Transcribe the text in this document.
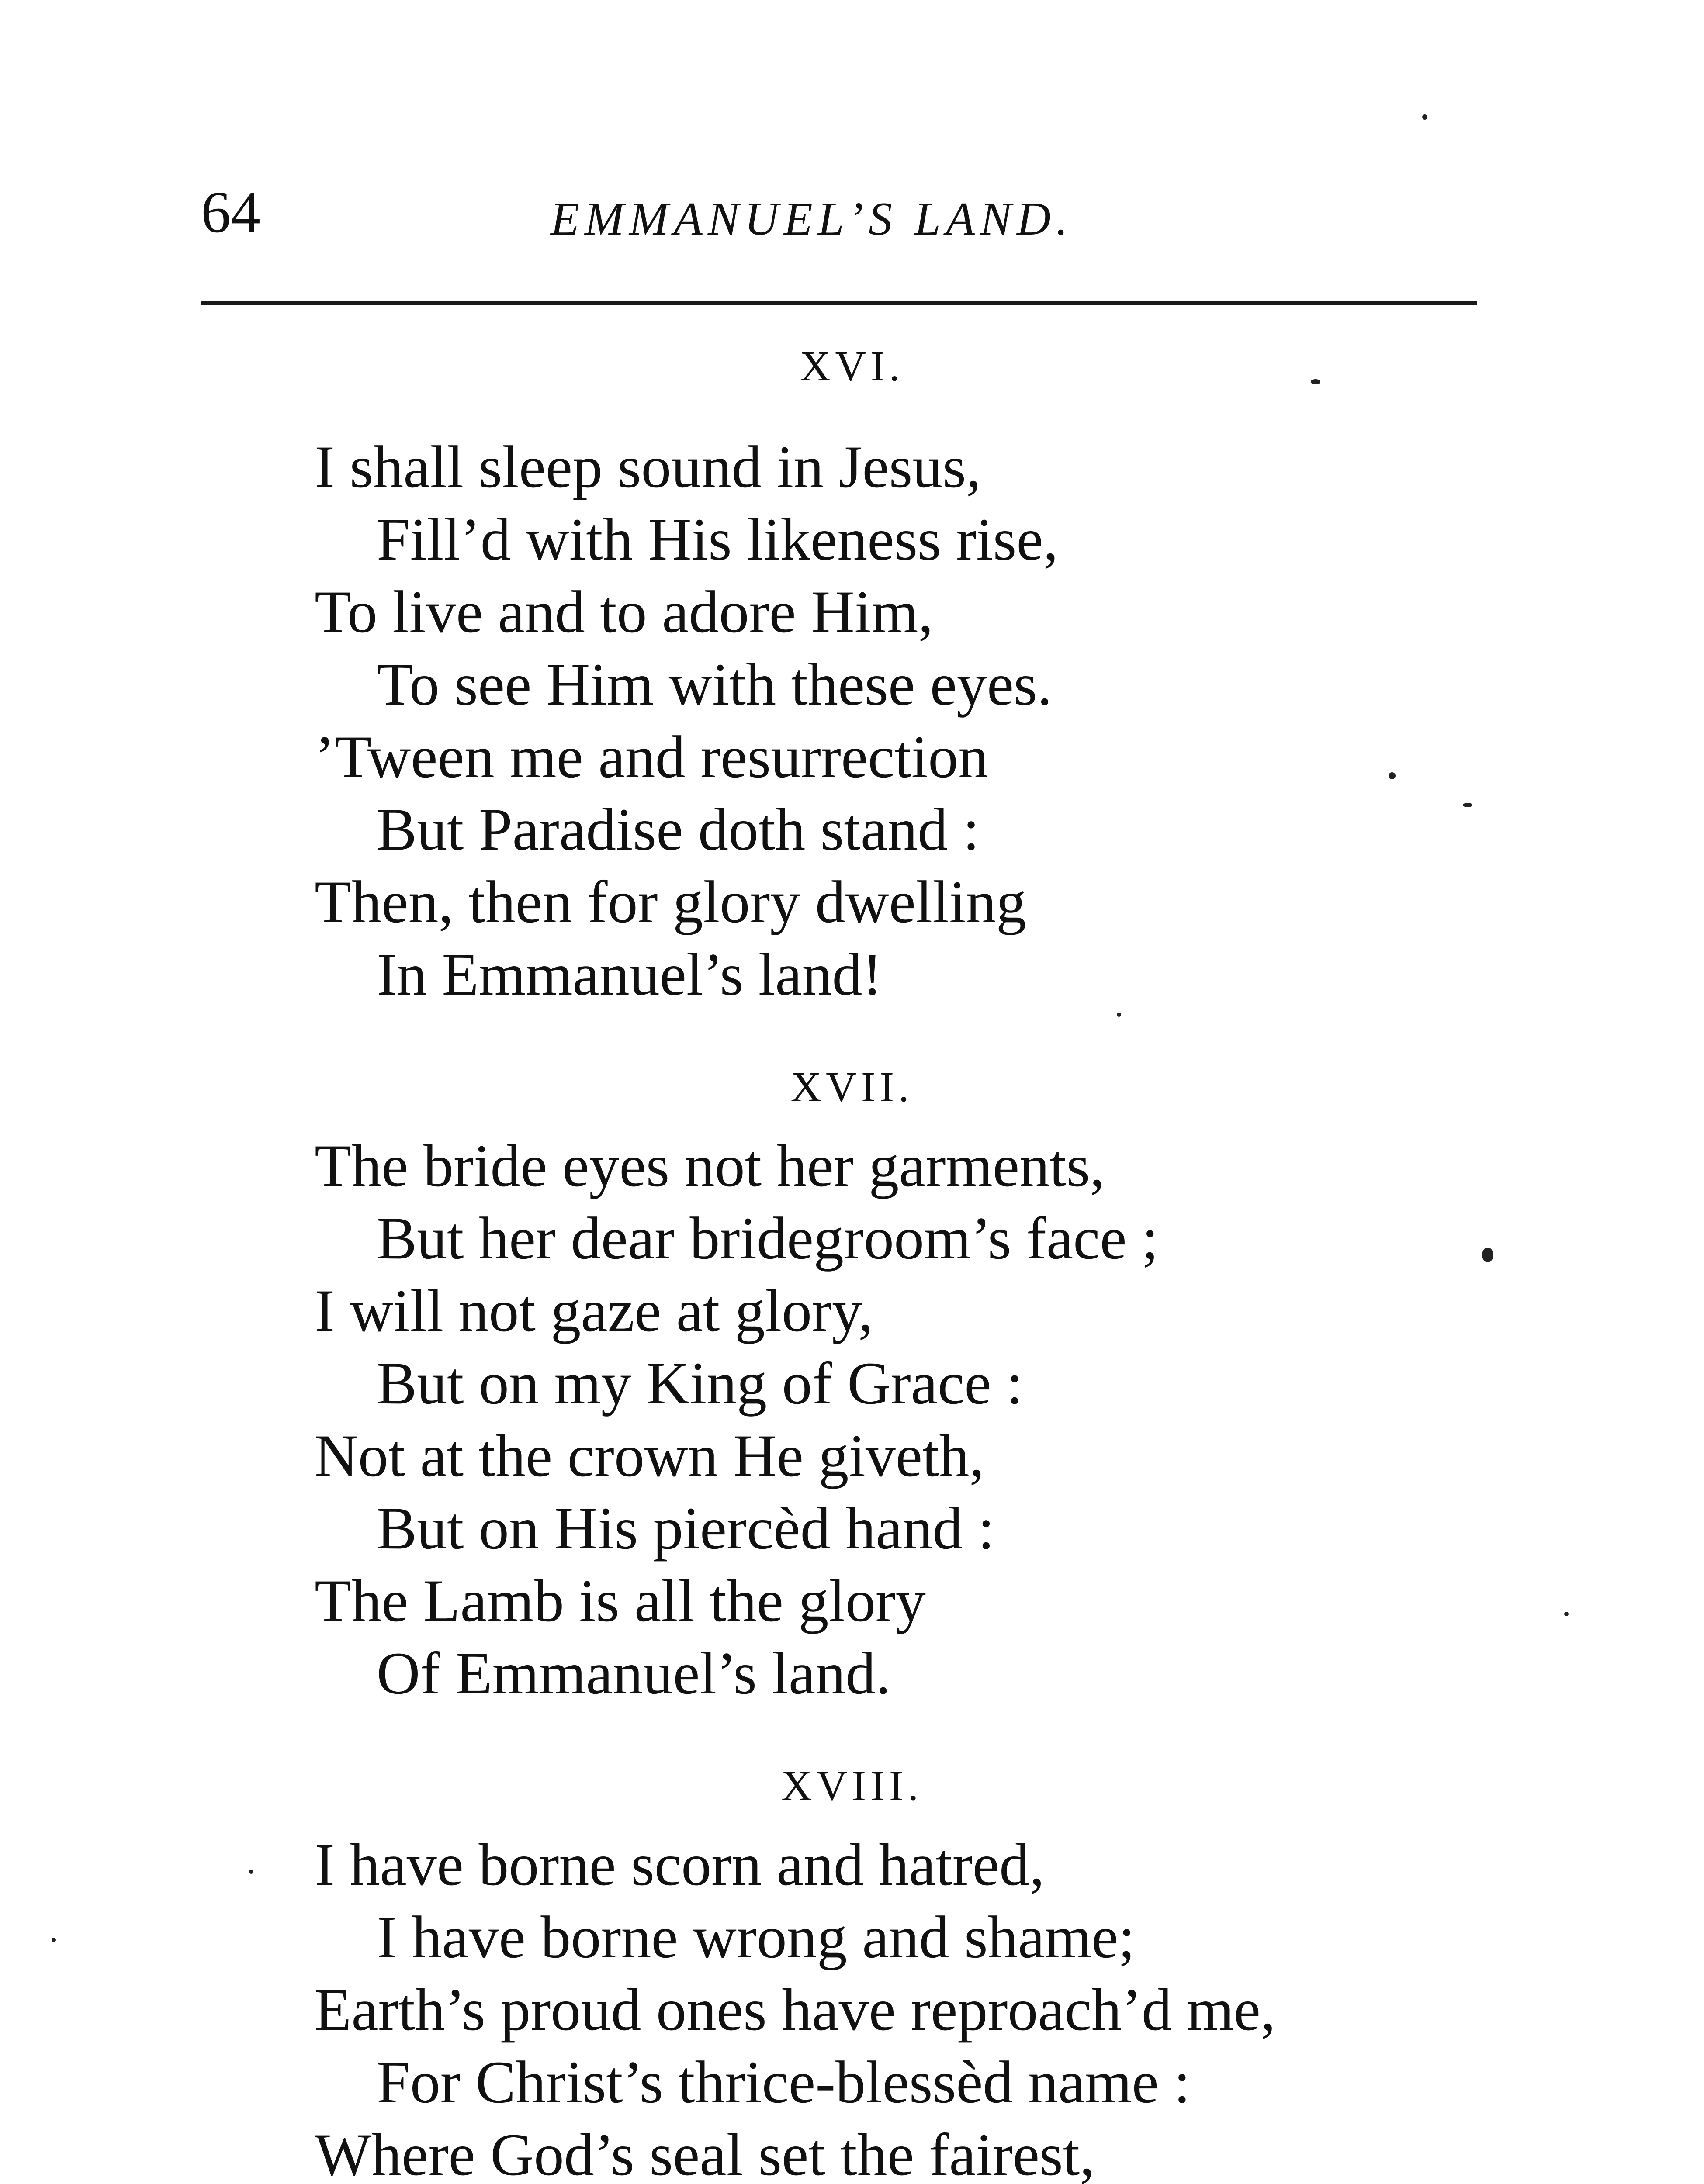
64	EMMANUEL’S LAND.
XVI.
I shall sleep sound in Jesus,
Fill’d with His likeness rise,
To live and to adore Him,
To see Him with these eyes.
’Tween me and resurrection
But Paradise doth stand :
Then, then for glory dwelling
In Emmanuel’s land!
XVII.
The bride eyes not her garments,
But her dear bridegroom’s face ;
I will not gaze at glory,
But on my King of Grace :
Not at the crown He giveth,
But on His piercèd hand :
The Lamb is all the glory
Of Emmanuel’s land.
XVIII.
I have borne scorn and hatred,
I have borne wrong and shame;
Earth’s proud ones have reproach’d me,
For Christ’s thrice-blessèd name :
Where God’s seal set the fairest,
